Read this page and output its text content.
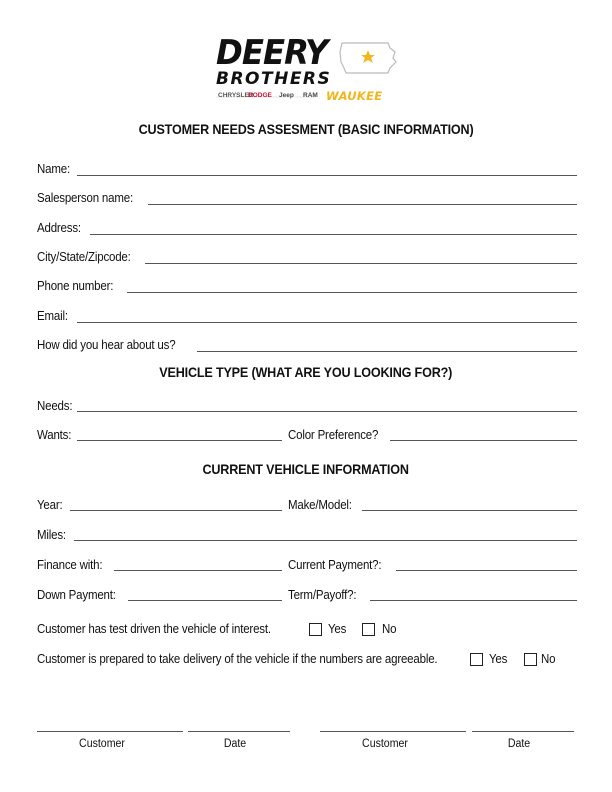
DEERY
BROTHERS
CHRYSLER
DODGE Jeep RAM WAUKEE
CUSTOMER NEEDS ASSESMENT (BASIC INFORMATION)
Name:
Salesperson name:
Address:
City/State/Zipcode:
Phone number:
Email:
How did you hear about us?
VEHICLE TYPE (WHAT ARE YOU LOOKING FOR?)
Needs:
Wants:	Color Preference?
CURRENT VEHICLE INFORMATION
Year:	Make/Model:
Miles:
Finance with:	Current Payment?:
Down Payment:	Term/Payoff?:
Customer has test driven the vehicle of interest.	Yes	No
Customer is prepared to take delivery of the vehicle if the numbers are agreeable.	Yes	No
Customer	Date	Customer	Date
